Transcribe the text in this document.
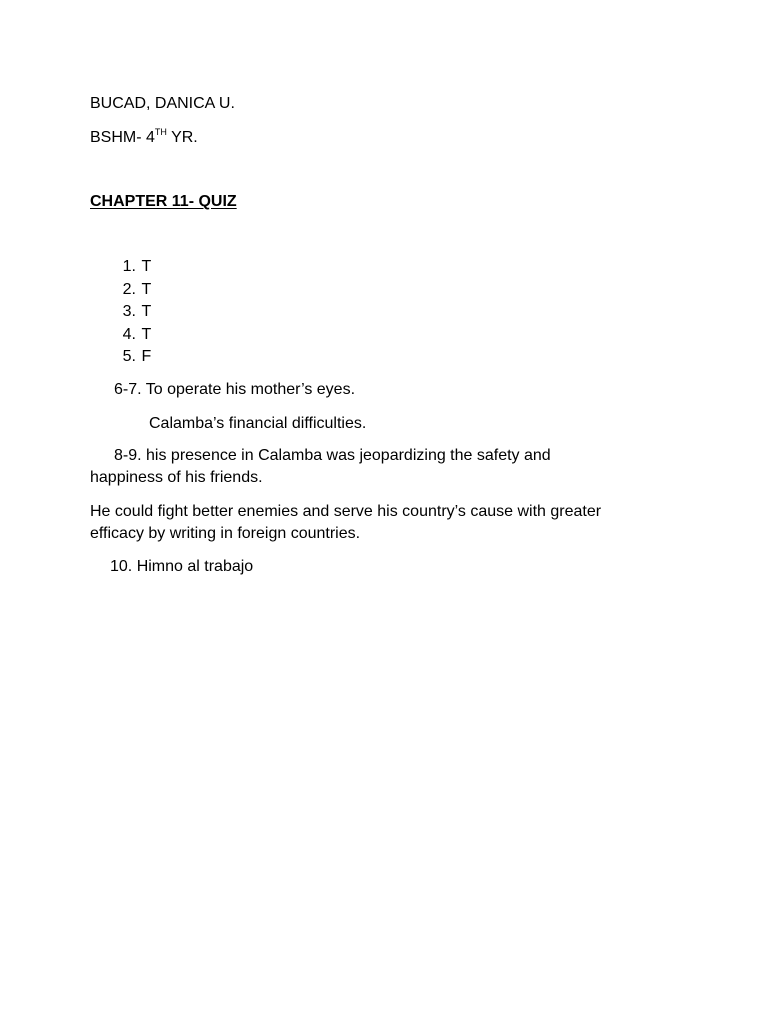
BUCAD, DANICA U.
BSHM- 4TH YR.
CHAPTER 11- QUIZ
1. T
2. T
3. T
4. T
5. F
6-7. To operate his mother’s eyes.
Calamba’s financial difficulties.
8-9. his presence in Calamba was jeopardizing the safety and
happiness of his friends.
He could fight better enemies and serve his country’s cause with greater
efficacy by writing in foreign countries.
10. Himno al trabajo
